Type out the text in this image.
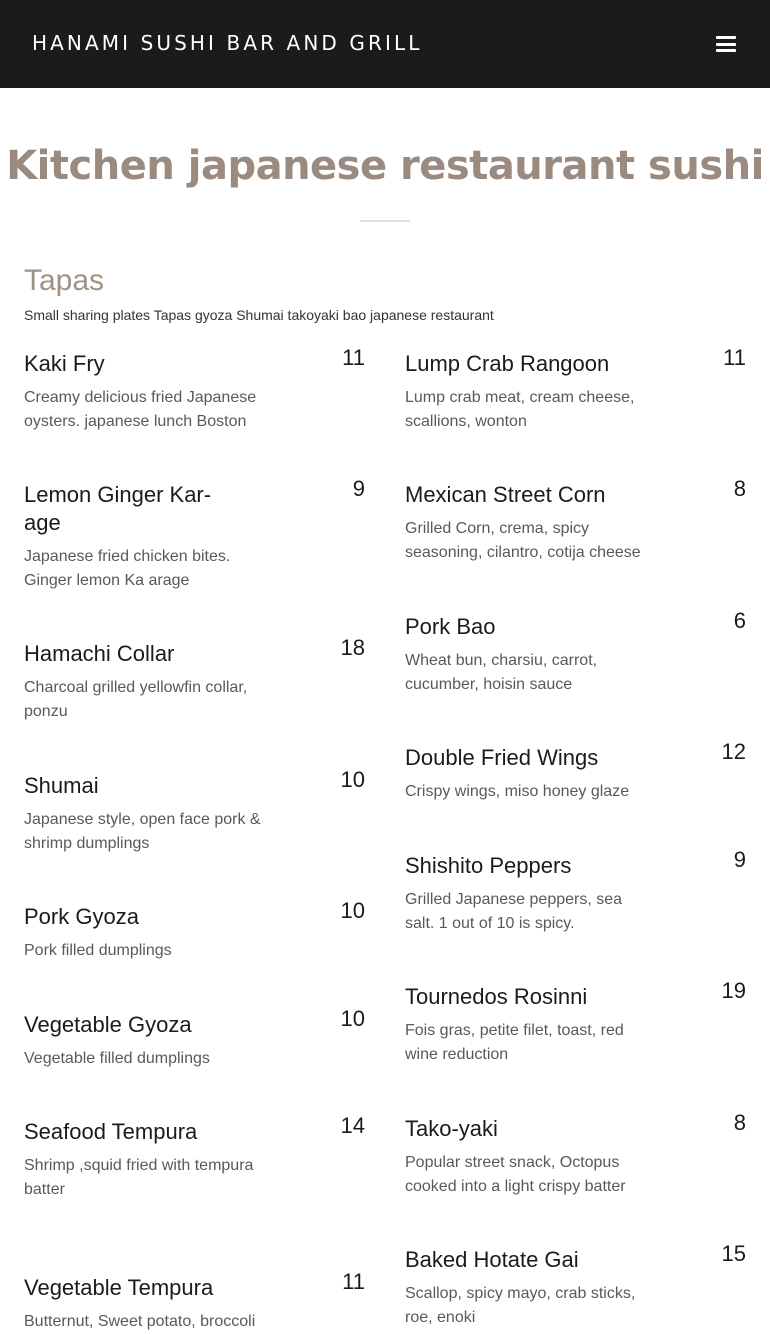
HANAMI SUSHI BAR AND GRILL
Kitchen japanese restaurant sushi
Tapas

Small sharing plates Tapas gyoza Shumai takoyaki bao japanese restaurant

Kaki Fry	11
Creamy delicious fried Japanese oysters. japanese lunch Boston
Lemon Ginger Kar-age
9
Japanese fried chicken bites. Ginger lemon Ka arage
Hamachi Collar	18
Charcoal grilled yellowfin collar, ponzu
Shumai	10
Japanese style, open face pork & shrimp dumplings
Pork Gyoza	10
Pork filled dumplings
Vegetable Gyoza	10
Vegetable filled dumplings
Seafood Tempura	14
Shrimp ,squid fried with tempura batter
Vegetable Tempura	11
Butternut, Sweet potato, broccoli
Lump Crab Rangoon	11
Lump crab meat, cream cheese, scallions, wonton
Mexican Street Corn	8
Grilled Corn, crema, spicy seasoning, cilantro, cotija cheese
Pork Bao	6
Wheat bun, charsiu, carrot, cucumber, hoisin sauce
Double Fried Wings	12
Crispy wings, miso honey glaze
Shishito Peppers	9
Grilled Japanese peppers, sea salt. 1 out of 10 is spicy.
Tournedos Rosinni	19
Fois gras, petite filet, toast, red wine reduction
Tako-yaki	8
Popular street snack, Octopus cooked into a light crispy batter
Baked Hotate Gai	15
Scallop, spicy mayo, crab sticks, roe, enoki
